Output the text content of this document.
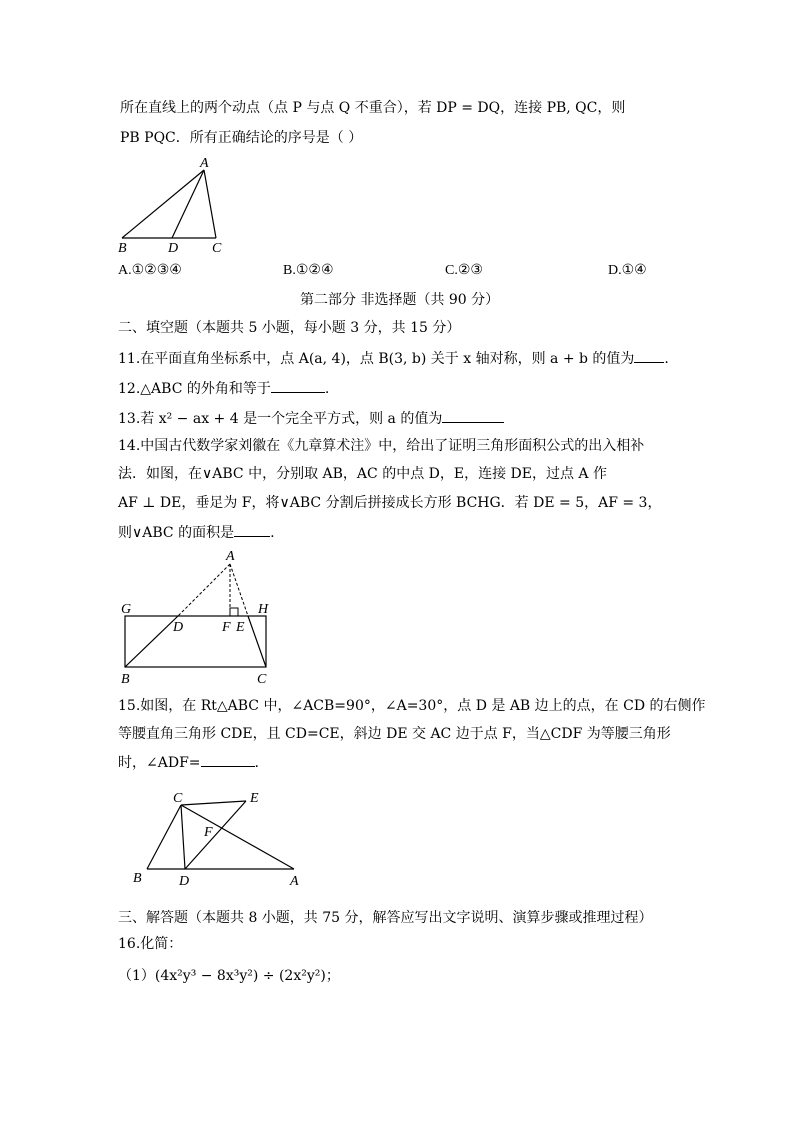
所在直线上的两个动点（点 P 与点 Q 不重合），若 DP = DQ，连接 PB, QC，则
PB PQC．所有正确结论的序号是（ ）
A
B	D C
A.①②③④	B.①②④	C.②③	D.①④
第二部分 非选择题（共 90 分）
二、填空题（本题共 5 小题，每小题 3 分，共 15 分）
11.在平面直角坐标系中，点 A(a, 4)，点 B(3, b) 关于 x 轴对称，则 a + b 的值为 .
12.△ABC 的外角和等于	.
13.若 x² − ax + 4 是一个完全平方式，则 a 的值为
14.中国古代数学家刘徽在《九章算术注》中，给出了证明三角形面积公式的出入相补
法．如图，在∨ABC 中，分别取 AB，AC 的中点 D，E，连接 DE，过点 A 作
AF ⊥ DE，垂足为 F，将∨ABC 分割后拼接成长方形 BCHG．若 DE = 5，AF = 3，
则∨ABC 的面积是	.
A
G	H
D	F E
B	C
15.如图，在 Rt△ABC 中，∠ACB=90°，∠A=30°，点 D 是 AB 边上的点，在 CD 的右侧作
等腰直角三角形 CDE，且 CD=CE，斜边 DE 交 AC 边于点 F，当△CDF 为等腰三角形
时，∠ADF=	.
C	E
F
B	D	A
三、解答题（本题共 8 小题，共 75 分，解答应写出文字说明、演算步骤或推理过程）
16.化简：
（1）(4x²y³ − 8x³y²) ÷ (2x²y²)；
